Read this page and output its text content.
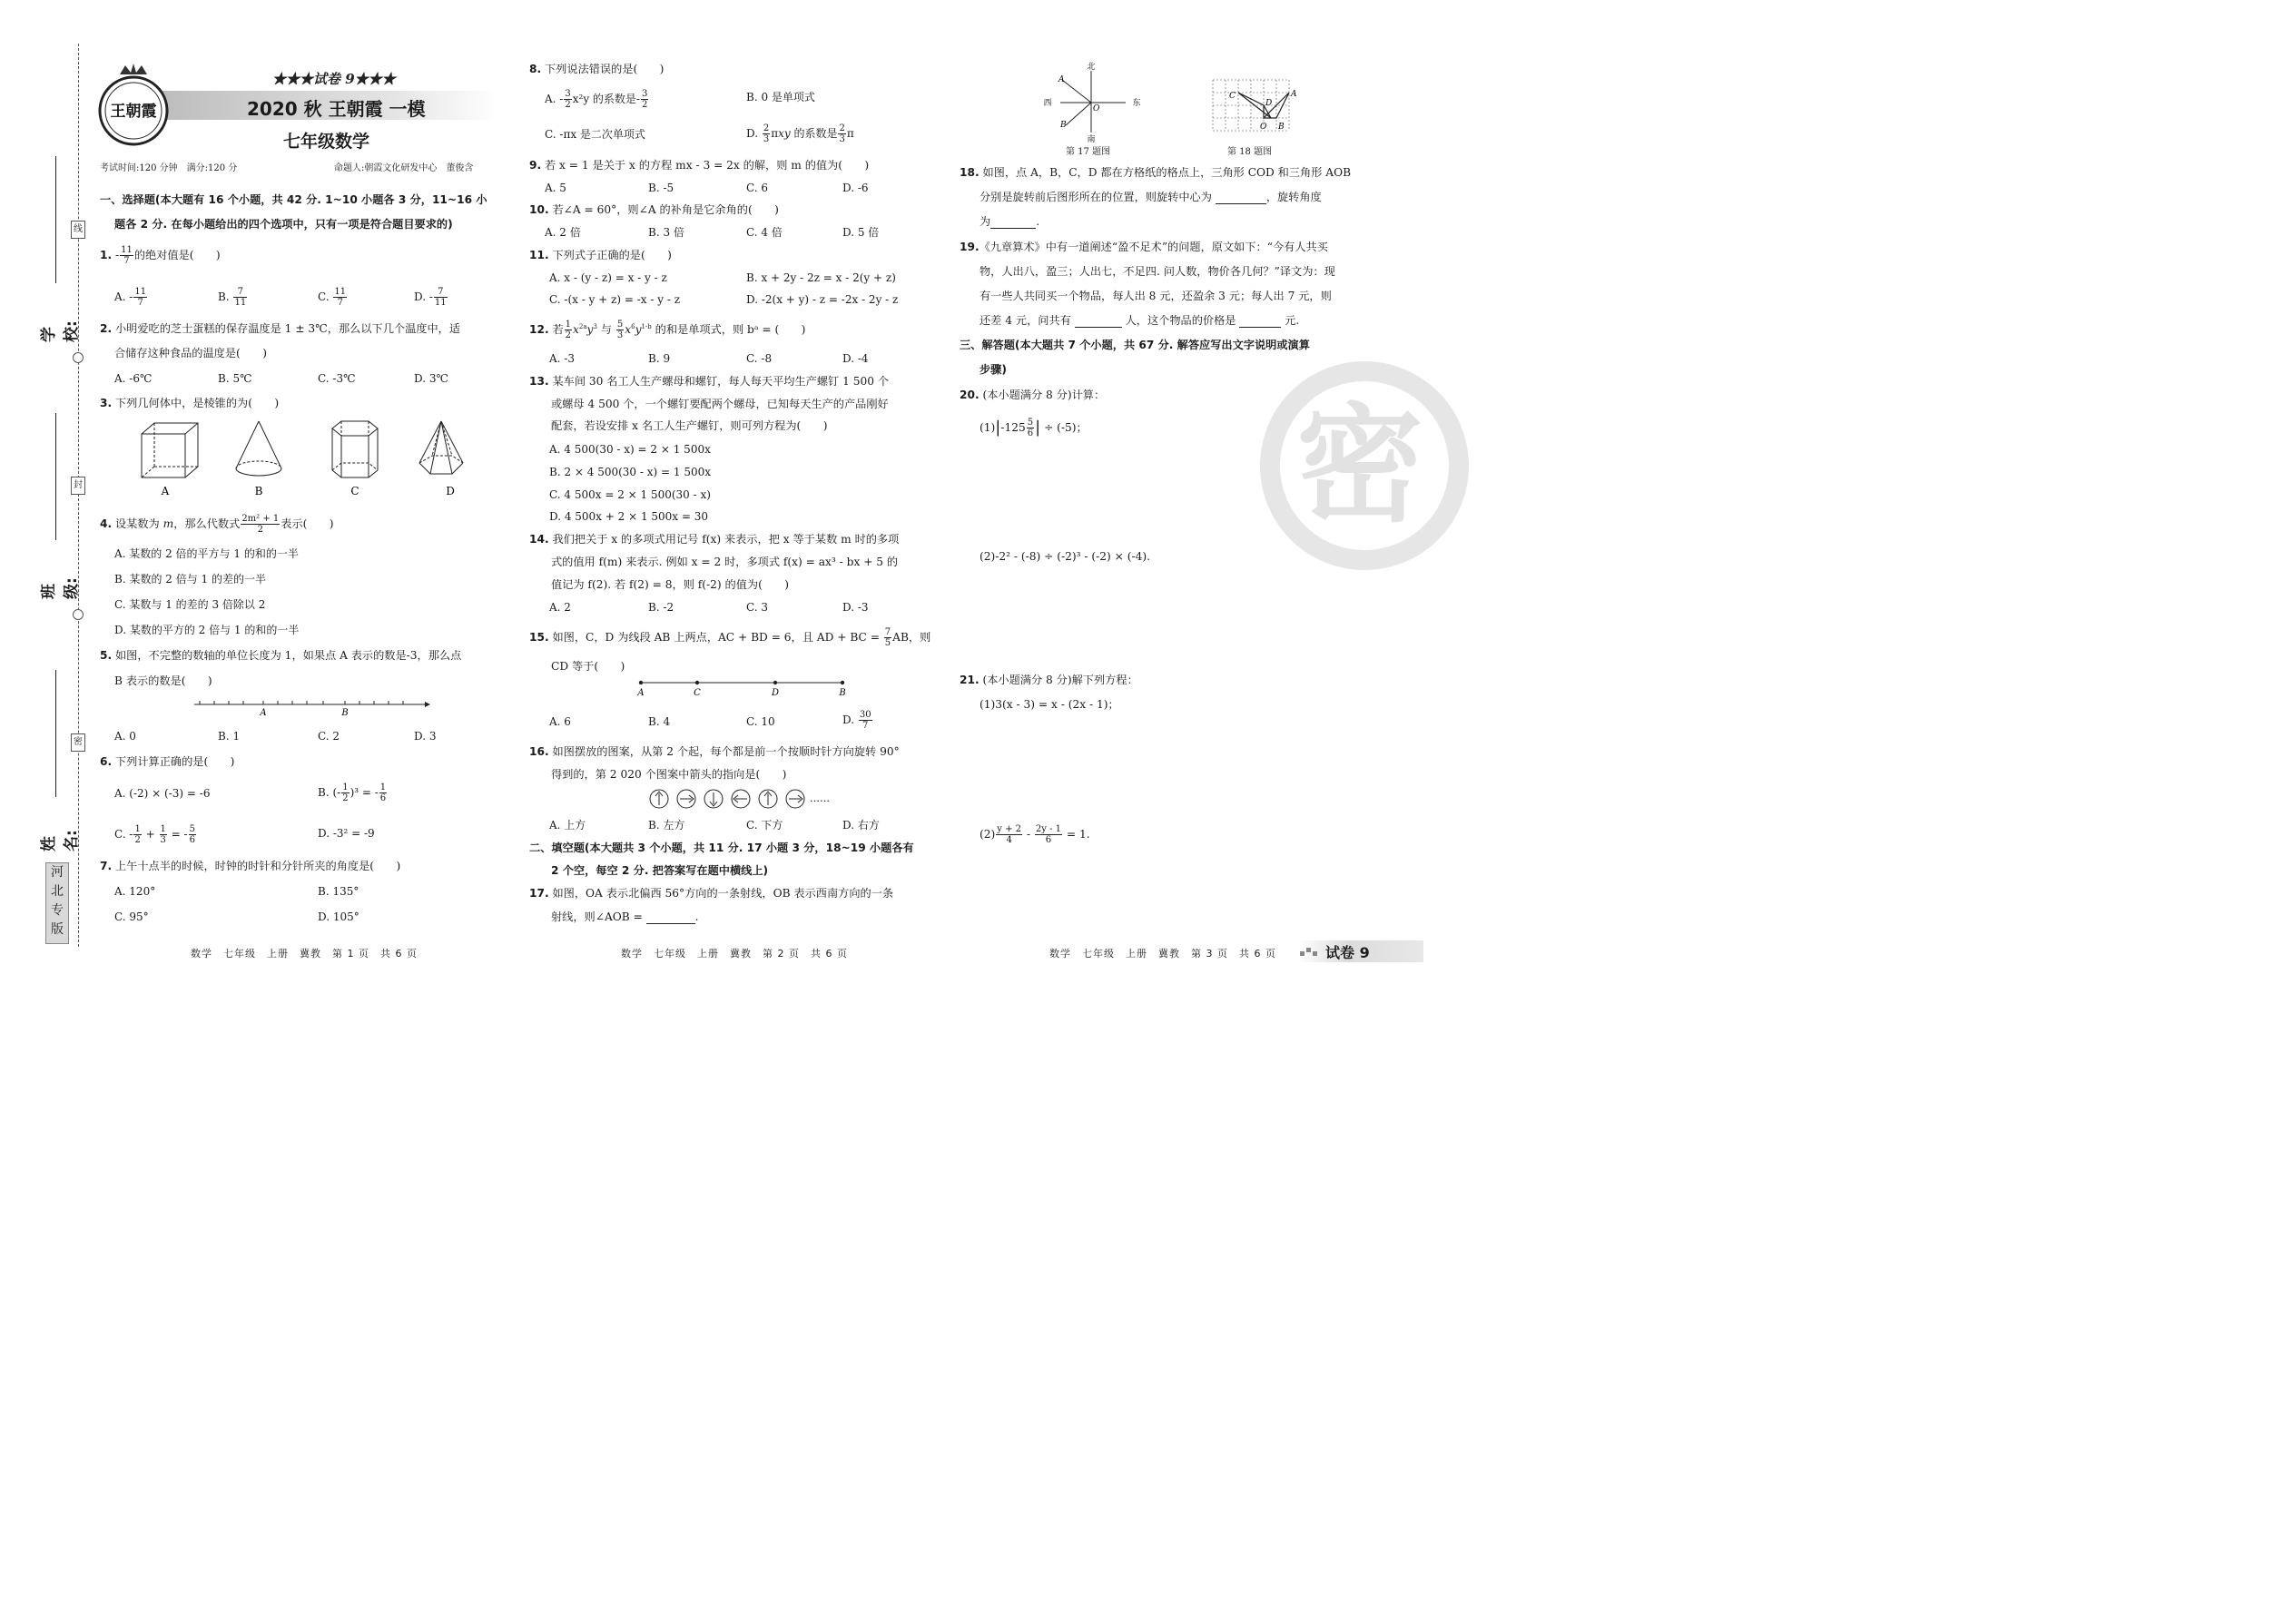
线
封
密
学校:
班级:
姓名:
河
北
专
版
王朝霞
★★★试卷 9★★★
2020 秋 王朝霞 一模
七年级数学
考试时间:120 分钟　满分:120 分	命题人:朝霞文化研发中心　董俊含
一、选择题(本大题有 16 个小题，共 42 分. 1~10 小题各 3 分，11~16 小
题各 2 分. 在每小题给出的四个选项中，只有一项是符合题目要求的)
1. - $\frac{11}{7}$ 的绝对值是(　　)
A. - $\frac{11}{7}$	B. $\frac{7}{11}$	C. $\frac{11}{7}$	D. - $\frac{7}{11}$
2. 小明爱吃的芝士蛋糕的保存温度是 1 ± 3℃，那么以下几个温度中，适
合储存这种食品的温度是(　　)
A. -6℃	B. 5℃	C. -3℃	D. 3℃
3. 下列几何体中，是棱锥的为(　　)
A	B	C	D
4. 设某数为 m，那么代数式 $\frac{\text{2m² + 1}}{2}$ 表示(　　)
A. 某数的 2 倍的平方与 1 的和的一半
B. 某数的 2 倍与 1 的差的一半
C. 某数与 1 的差的 3 倍除以 2
D. 某数的平方的 2 倍与 1 的和的一半
5. 如图，不完整的数轴的单位长度为 1，如果点 A 表示的数是-3，那么点
B 表示的数是(　　)
A	B
A. 0	B. 1	C. 2	D. 3
6. 下列计算正确的是(　　)
A. (-2) × (-3) = -6	B. (- $\frac{1}{2} )^3$ = - $\frac{1}{6}$
C. - $\frac{1}{2} + \frac{1}{3}$ = - $\frac{5}{6}$	D. -3² = -9
7. 上午十点半的时候，时钟的时针和分针所夹的角度是(　　)
A. 120°	B. 135°
C. 95°	D. 105°
数学　七年级　上册　冀教　第 1 页　共 6 页
8. 下列说法错误的是(　　)
A. - $\frac{3}{2} x^2y$ 的系数是- $\frac{3}{2}$	B. 0 是单项式
C. -πx 是二次单项式	D. $\frac{2}{3}$ πxy 的系数是 $\frac{2}{3}$ π
9. 若 x = 1 是关于 x 的方程 mx - 3 = 2x 的解，则 m 的值为(　　)
A. 5	B. -5	C. 6	D. -6
10. 若∠A = 60°，则∠A 的补角是它余角的(　　)
A. 2 倍	B. 3 倍	C. 4 倍	D. 5 倍
11. 下列式子正确的是(　　)
A. x - (y - z) = x - y - z	B. x + 2y - 2z = x - 2(y + z)
C. -(x - y + z) = -x - y - z	D. -2(x + y) - z = -2x - 2y - z
12. 若 $\frac{1}{2} x^{2a}y^3$ 与 $\frac{5}{3} x^6y^{1-b}$ 的和是单项式，则 bᵃ = (　　)
A. -3	B. 9	C. -8	D. -4
13. 某车间 30 名工人生产螺母和螺钉，每人每天平均生产螺钉 1 500 个
或螺母 4 500 个，一个螺钉要配两个螺母，已知每天生产的产品刚好
配套，若设安排 x 名工人生产螺钉，则可列方程为(　　)
A. 4 500(30 - x) = 2 × 1 500x
B. 2 × 4 500(30 - x) = 1 500x
C. 4 500x = 2 × 1 500(30 - x)
D. 4 500x + 2 × 1 500x = 30
14. 我们把关于 x 的多项式用记号 f(x) 来表示，把 x 等于某数 m 时的多项
式的值用 f(m) 来表示. 例如 x = 2 时，多项式 f(x) = ax³ - bx + 5 的
值记为 f(2). 若 f(2) = 8，则 f(-2) 的值为(　　)
A. 2	B. -2	C. 3	D. -3
15. 如图，C，D 为线段 AB 上两点，AC + BD = 6，且 AD + BC = $\frac{7}{5}$ AB，则
CD 等于(　　)
A	C	D	B
A. 6	B. 4	C. 10	D. $\frac{30}{7}$
16. 如图摆放的图案，从第 2 个起，每个都是前一个按顺时针方向旋转 90°
得到的，第 2 020 个图案中箭头的指向是(　　)
……
A. 上方	B. 左方	C. 下方	D. 右方
二、填空题(本大题共 3 个小题，共 11 分. 17 小题 3 分，18~19 小题各有
2 个空，每空 2 分. 把答案写在题中横线上)
17. 如图，OA 表示北偏西 56°方向的一条射线，OB 表示西南方向的一条
射线，则∠AOB =	.
数学　七年级　上册　冀教　第 2 页　共 6 页
北
南
西	东
A
B
O
第 17 题图
C
D
A
O B
第 18 题图
18. 如图，点 A，B，C，D 都在方格纸的格点上，三角形 COD 和三角形 AOB
分别是旋转前后图形所在的位置，则旋转中心为	，旋转角度
为	.
19.《九章算术》中有一道阐述“盈不足术”的问题，原文如下：“今有人共买
物，人出八，盈三；人出七，不足四. 问人数，物价各几何？”译文为：现
有一些人共同买一个物品，每人出 8 元，还盈余 3 元；每人出 7 元，则
还差 4 元，问共有	人，这个物品的价格是	元.
三、解答题(本大题共 7 个小题，共 67 分. 解答应写出文字说明或演算
步骤)
20. (本小题满分 8 分)计算：
$(1)|-125 \frac{5}{6}$ | ÷ (-5)；
(2)-2² - (-8) ÷ (-2)³ - (-2) × (-4).
21. (本小题满分 8 分)解下列方程：
(1)3(x - 3) = x - (2x - 1)；
$(2) \frac{y + 2}{4} - \frac{2y - 1}{6} = 1$.
密
数学　七年级　上册　冀教　第 3 页　共 6 页	试卷 9
